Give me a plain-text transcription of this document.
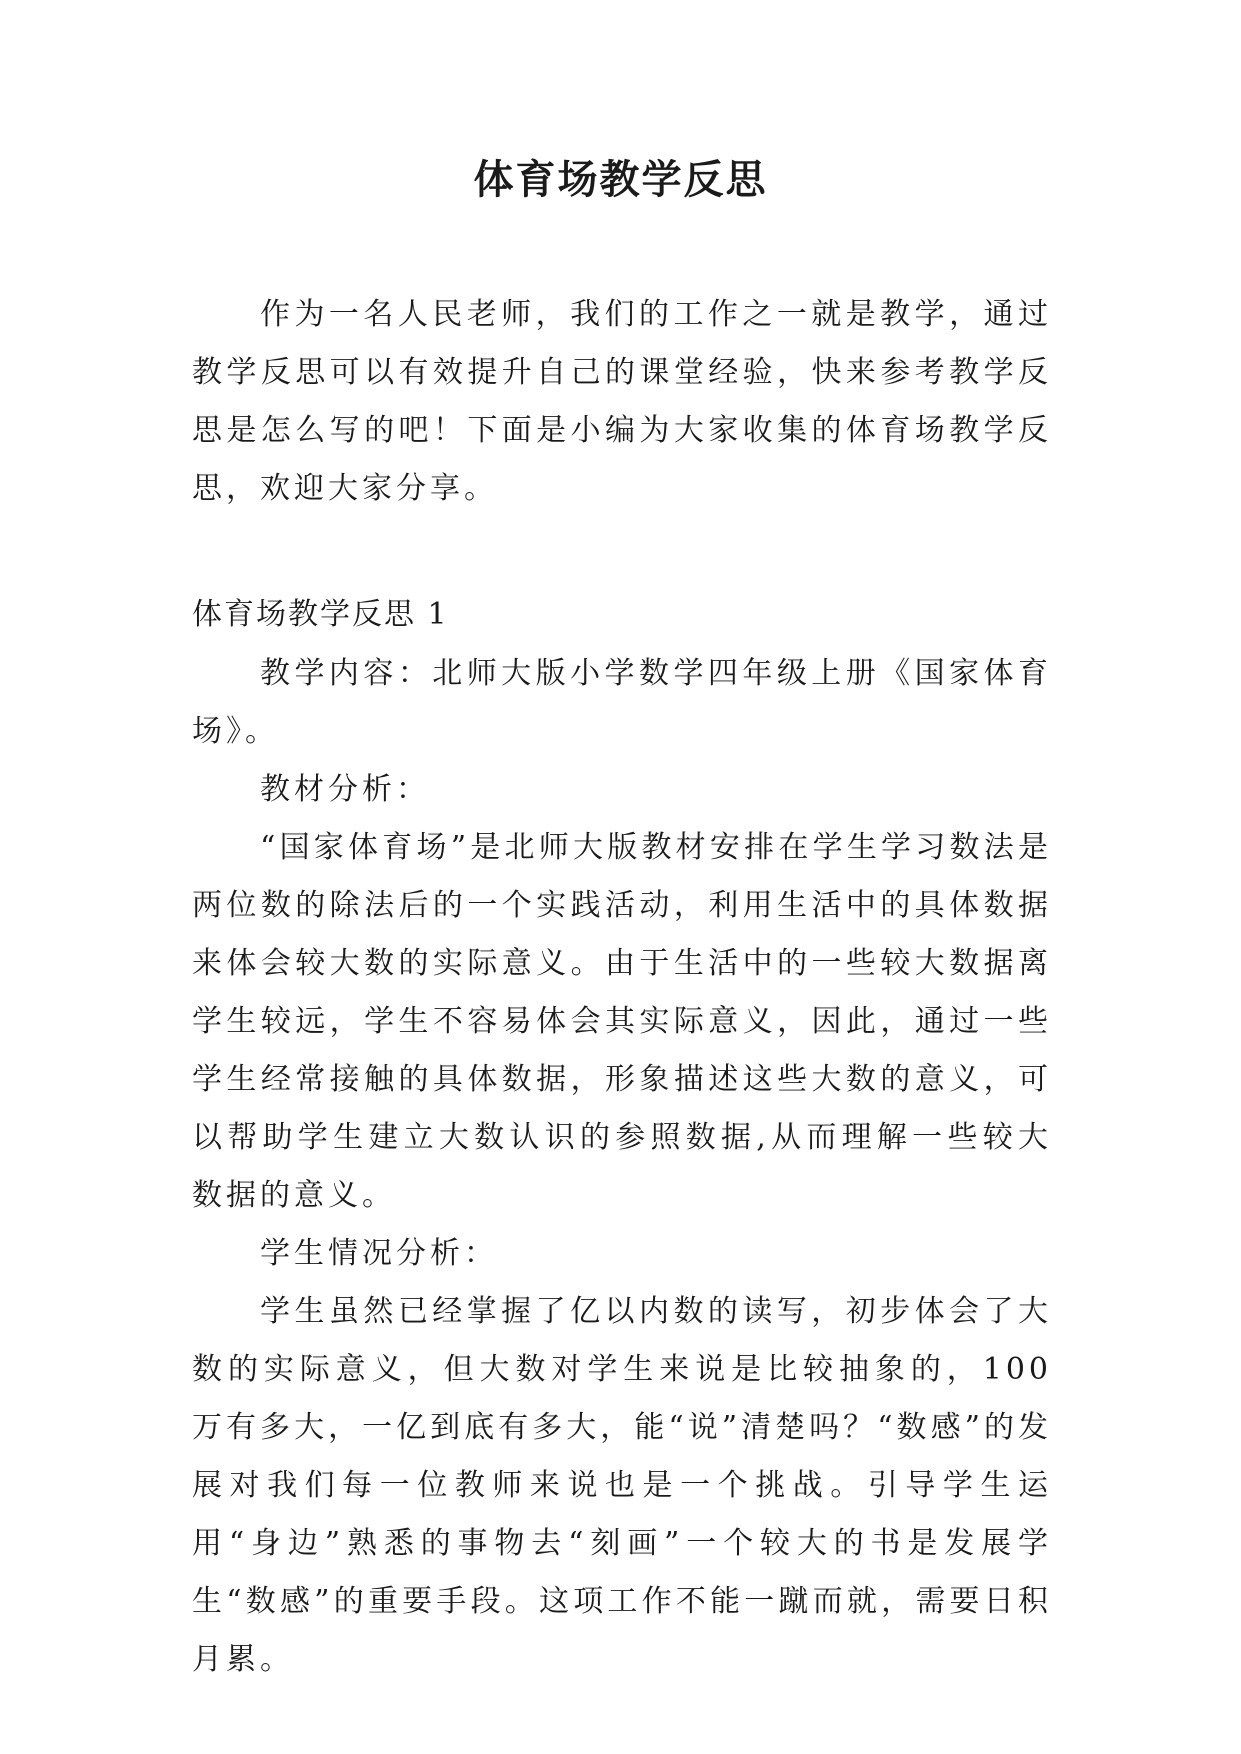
体育场教学反思

作为一名人民老师，我们的工作之一就是教学，通过教学反思可以有效提升自己的课堂经验，快来参考教学反思是怎么写的吧！下面是小编为大家收集的体育场教学反思，欢迎大家分享。

体育场教学反思 1

教学内容：北师大版小学数学四年级上册《国家体育场》。

教材分析：

“国家体育场”是北师大版教材安排在学生学习数法是两位数的除法后的一个实践活动，利用生活中的具体数据来体会较大数的实际意义。由于生活中的一些较大数据离学生较远，学生不容易体会其实际意义，因此，通过一些学生经常接触的具体数据，形象描述这些大数的意义，可以帮助学生建立大数认识的参照数据,从而理解一些较大数据的意义。

学生情况分析：

学生虽然已经掌握了亿以内数的读写，初步体会了大数的实际意义，但大数对学生来说是比较抽象的，100 万有多大，一亿到底有多大，能“说”清楚吗？“数感”的发展对我们每一位教师来说也是一个挑战。引导学生运用“身边”熟悉的事物去“刻画”一个较大的书是发展学生“数感”的重要手段。这项工作不能一蹴而就，需要日积月累。
